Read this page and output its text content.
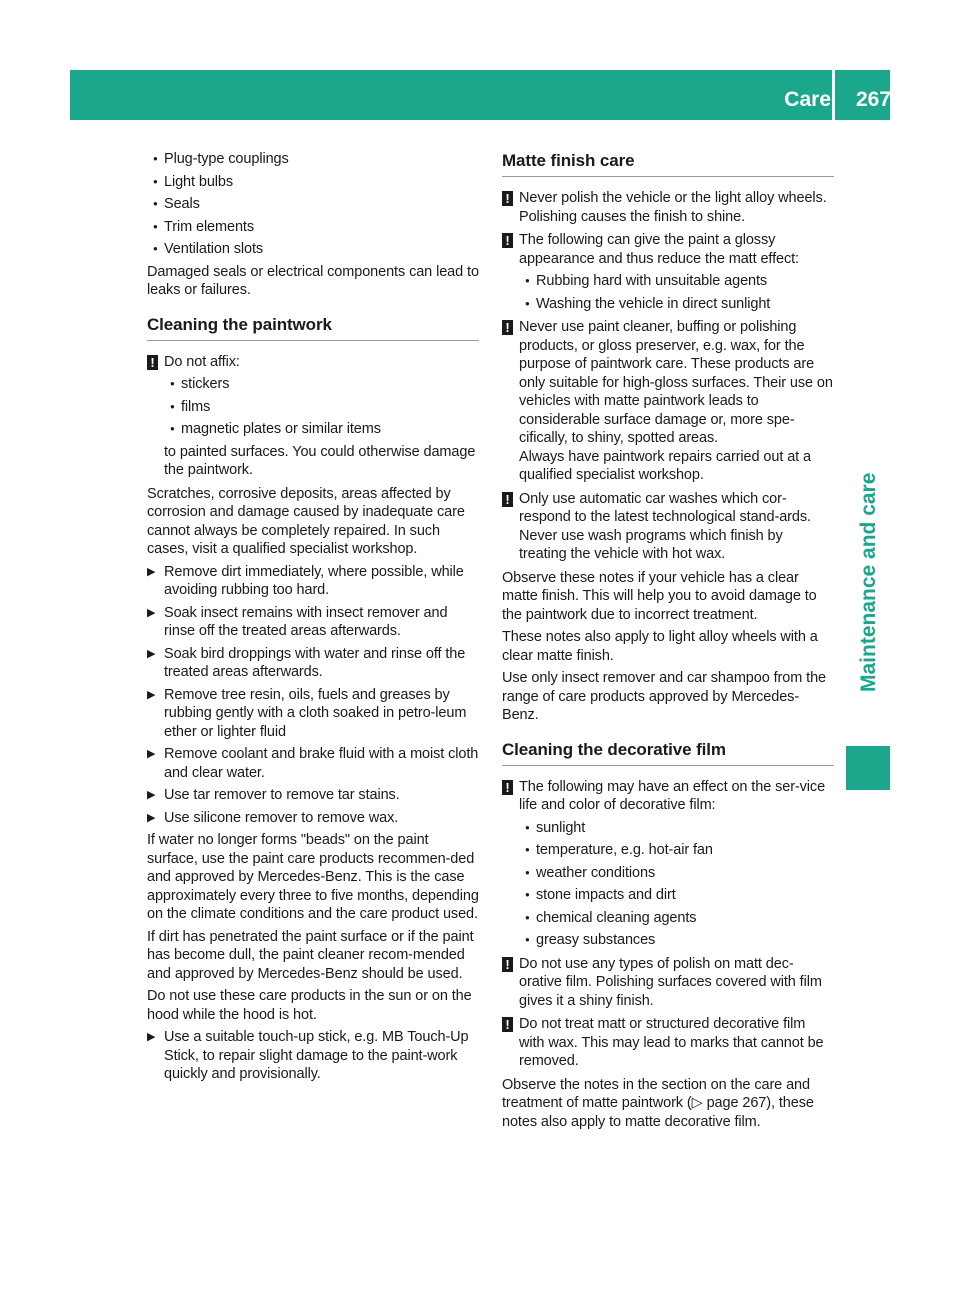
Care 267
Maintenance and care
● Plug-type couplings
● Light bulbs
● Seals
● Trim elements
● Ventilation slots

Damaged seals or electrical components can lead to leaks or failures.

Cleaning the paintwork
! Do not affix:
● stickers
● films
● magnetic plates or similar items
to painted surfaces. You could otherwise damage the paintwork.

Scratches, corrosive deposits, areas affected by corrosion and damage caused by inadequate care cannot always be completely repaired. In such cases, visit a qualified specialist workshop.

▶ Remove dirt immediately, where possible, while avoiding rubbing too hard.
▶ Soak insect remains with insect remover and rinse off the treated areas afterwards.
▶ Soak bird droppings with water and rinse off the treated areas afterwards.
▶ Remove tree resin, oils, fuels and greases by rubbing gently with a cloth soaked in petro-leum ether or lighter fluid
▶ Remove coolant and brake fluid with a moist cloth and clear water.
▶ Use tar remover to remove tar stains.
▶ Use silicone remover to remove wax.

If water no longer forms "beads" on the paint surface, use the paint care products recommen-ded and approved by Mercedes-Benz. This is the case approximately every three to five months, depending on the climate conditions and the care product used.

If dirt has penetrated the paint surface or if the paint has become dull, the paint cleaner recom-mended and approved by Mercedes-Benz should be used.

Do not use these care products in the sun or on the hood while the hood is hot.

▶ Use a suitable touch-up stick, e.g. MB Touch-Up Stick, to repair slight damage to the paint-work quickly and provisionally.
Matte finish care
! Never polish the vehicle or the light alloy wheels. Polishing causes the finish to shine.
! The following can give the paint a glossy appearance and thus reduce the matt effect:
● Rubbing hard with unsuitable agents
● Washing the vehicle in direct sunlight
! Never use paint cleaner, buffing or polishing products, or gloss preserver, e.g. wax, for the purpose of paintwork care. These products are only suitable for high-gloss surfaces. Their use on vehicles with matte paintwork leads to considerable surface damage or, more spe-cifically, to shiny, spotted areas.
Always have paintwork repairs carried out at a qualified specialist workshop.
! Only use automatic car washes which cor-respond to the latest technological stand-ards. Never use wash programs which finish by treating the vehicle with hot wax.

Observe these notes if your vehicle has a clear matte finish. This will help you to avoid damage to the paintwork due to incorrect treatment.

These notes also apply to light alloy wheels with a clear matte finish.

Use only insect remover and car shampoo from the range of care products approved by Mercedes-Benz.

Cleaning the decorative film
! The following may have an effect on the ser-vice life and color of decorative film:
● sunlight
● temperature, e.g. hot-air fan
● weather conditions
● stone impacts and dirt
● chemical cleaning agents
● greasy substances
! Do not use any types of polish on matt dec-orative film. Polishing surfaces covered with film gives it a shiny finish.
! Do not treat matt or structured decorative film with wax. This may lead to marks that cannot be removed.

Observe the notes in the section on the care and treatment of matte paintwork (▷ page 267), these notes also apply to matte decorative film.
